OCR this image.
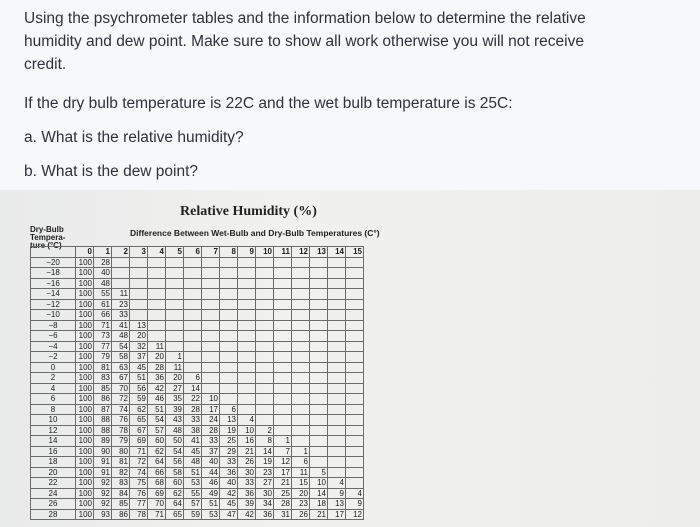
Using the psychrometer tables and the information below to determine the relative
humidity and dew point. Make sure to show all work otherwise you will not receive
credit.
If the dry bulb temperature is 22C and the wet bulb temperature is 25C:
a. What is the relative humidity?
b. What is the dew point?
Relative Humidity (%)
Dry-Bulb
Tempera-
ture (°C)
Difference Between Wet-Bulb and Dry-Bulb Temperatures (C°)
	0	1	2	3	4	5	6	7	8	9	10	11	12	13	14	15
−20	100	28														
−18	100	40														
−16	100	48														
−14	100	55	11													
−12	100	61	23													
−10	100	66	33													
−8	100	71	41	13												
−6	100	73	48	20												
−4	100	77	54	32	11											
−2	100	79	58	37	20	1										
0	100	81	63	45	28	11										
2	100	83	67	51	36	20	6									
4	100	85	70	56	42	27	14									
6	100	86	72	59	46	35	22	10								
8	100	87	74	62	51	39	28	17	6							
10	100	88	76	65	54	43	33	24	13	4						
12	100	88	78	67	57	48	38	28	19	10	2					
14	100	89	79	69	60	50	41	33	25	16	8	1				
16	100	90	80	71	62	54	45	37	29	21	14	7	1			
18	100	91	81	72	64	56	48	40	33	26	19	12	6			
20	100	91	82	74	66	58	51	44	36	30	23	17	11	5		
22	100	92	83	75	68	60	53	46	40	33	27	21	15	10	4	
24	100	92	84	76	69	62	55	49	42	36	30	25	20	14	9	4
26	100	92	85	77	70	64	57	51	45	39	34	28	23	18	13	9
28	100	93	86	78	71	65	59	53	47	42	36	31	26	21	17	12
